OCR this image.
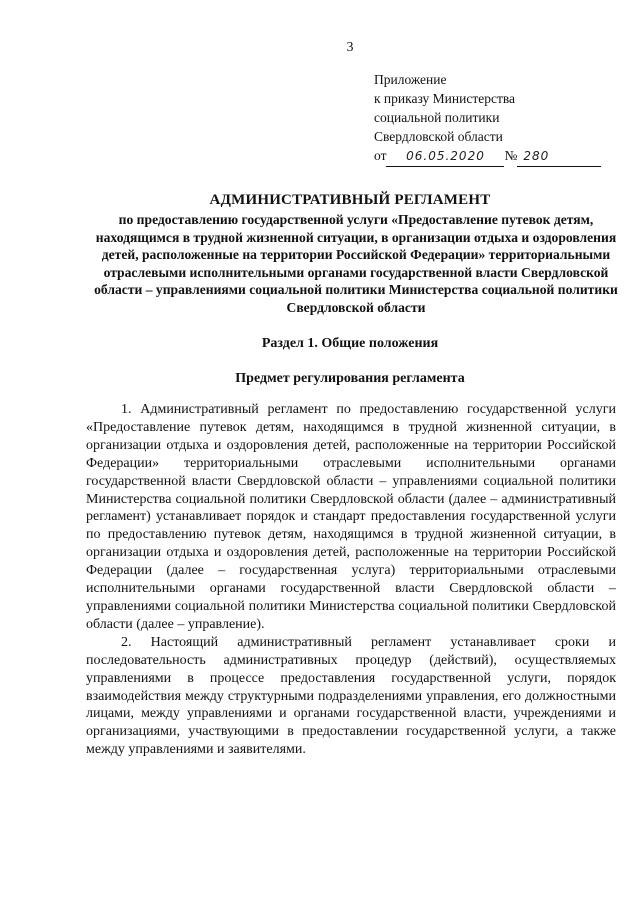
3
Приложение
к приказу Министерства
социальной политики
Свердловской области
от 06.05.2020 № 280
АДМИНИСТРАТИВНЫЙ РЕГЛАМЕНТ
по предоставлению государственной услуги «Предоставление путевок детям, находящимся в трудной жизненной ситуации, в организации отдыха и оздоровления детей, расположенные на территории Российской Федерации» территориальными отраслевыми исполнительными органами государственной власти Свердловской области – управлениями социальной политики Министерства социальной политики Свердловской области
Раздел 1. Общие положения
Предмет регулирования регламента

1. Административный регламент по предоставлению государственной услуги «Предоставление путевок детям, находящимся в трудной жизненной ситуации, в организации отдыха и оздоровления детей, расположенные на территории Российской Федерации» территориальными отраслевыми исполнительными органами государственной власти Свердловской области – управлениями социальной политики Министерства социальной политики Свердловской области (далее – административный регламент) устанавливает порядок и стандарт предоставления государственной услуги по предоставлению путевок детям, находящимся в трудной жизненной ситуации, в организации отдыха и оздоровления детей, расположенные на территории Российской Федерации (далее – государственная услуга) территориальными отраслевыми исполнительными органами государственной власти Свердловской области – управлениями социальной политики Министерства социальной политики Свердловской области (далее – управление).

2. Настоящий административный регламент устанавливает сроки и последовательность административных процедур (действий), осуществляемых управлениями в процессе предоставления государственной услуги, порядок взаимодействия между структурными подразделениями управления, его должностными лицами, между управлениями и органами государственной власти, учреждениями и организациями, участвующими в предоставлении государственной услуги, а также между управлениями и заявителями.
